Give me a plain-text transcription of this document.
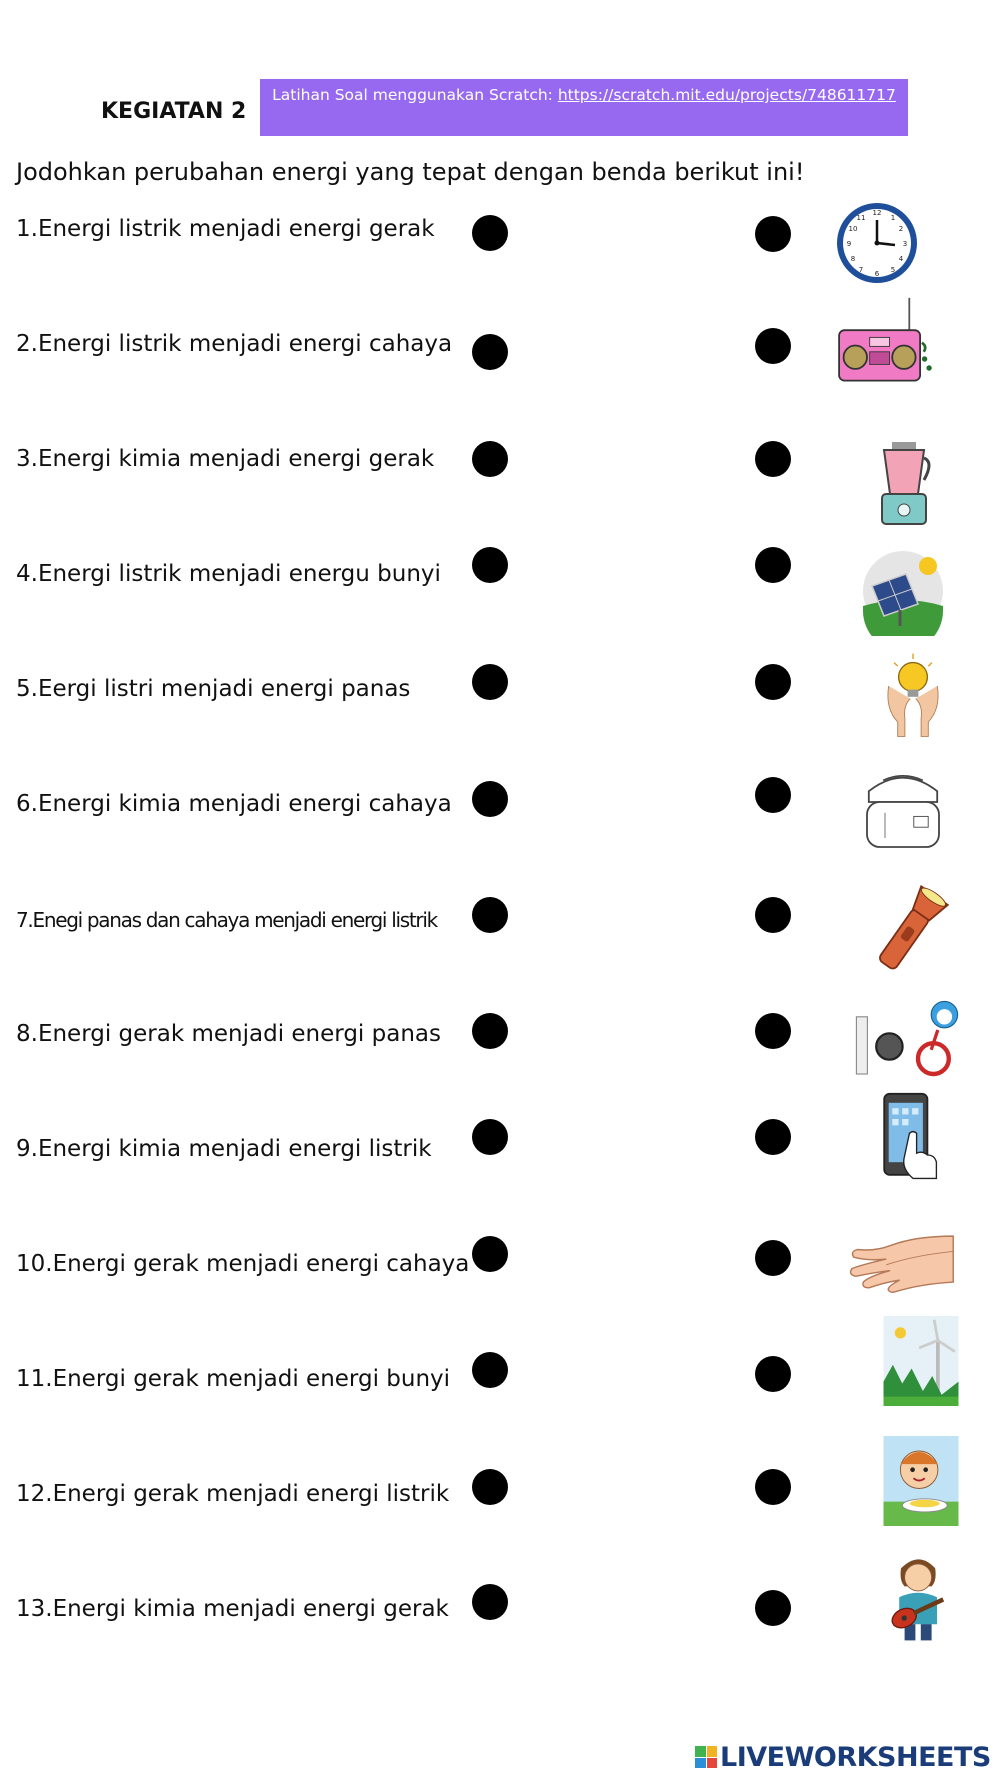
KEGIATAN 2
Latihan Soal menggunakan Scratch: https://scratch.mit.edu/projects/748611717
Jodohkan perubahan energi yang tepat dengan benda berikut ini!
1.Energi listrik menjadi energi gerak
2.Energi listrik menjadi energi cahaya
3.Energi kimia menjadi energi gerak
4.Energi listrik menjadi energu bunyi
5.Eergi listri menjadi energi panas
6.Energi kimia menjadi energi cahaya
7.Enegi panas dan cahaya menjadi energi listrik
8.Energi gerak menjadi energi panas
9.Energi kimia menjadi energi listrik
10.Energi gerak menjadi energi cahaya
11.Energi gerak menjadi energi bunyi
12.Energi gerak menjadi energi listrik
13.Energi kimia menjadi energi gerak
12
3
6
9
1
2
4
5
7
8
10
11
LIVEWORKSHEETS
